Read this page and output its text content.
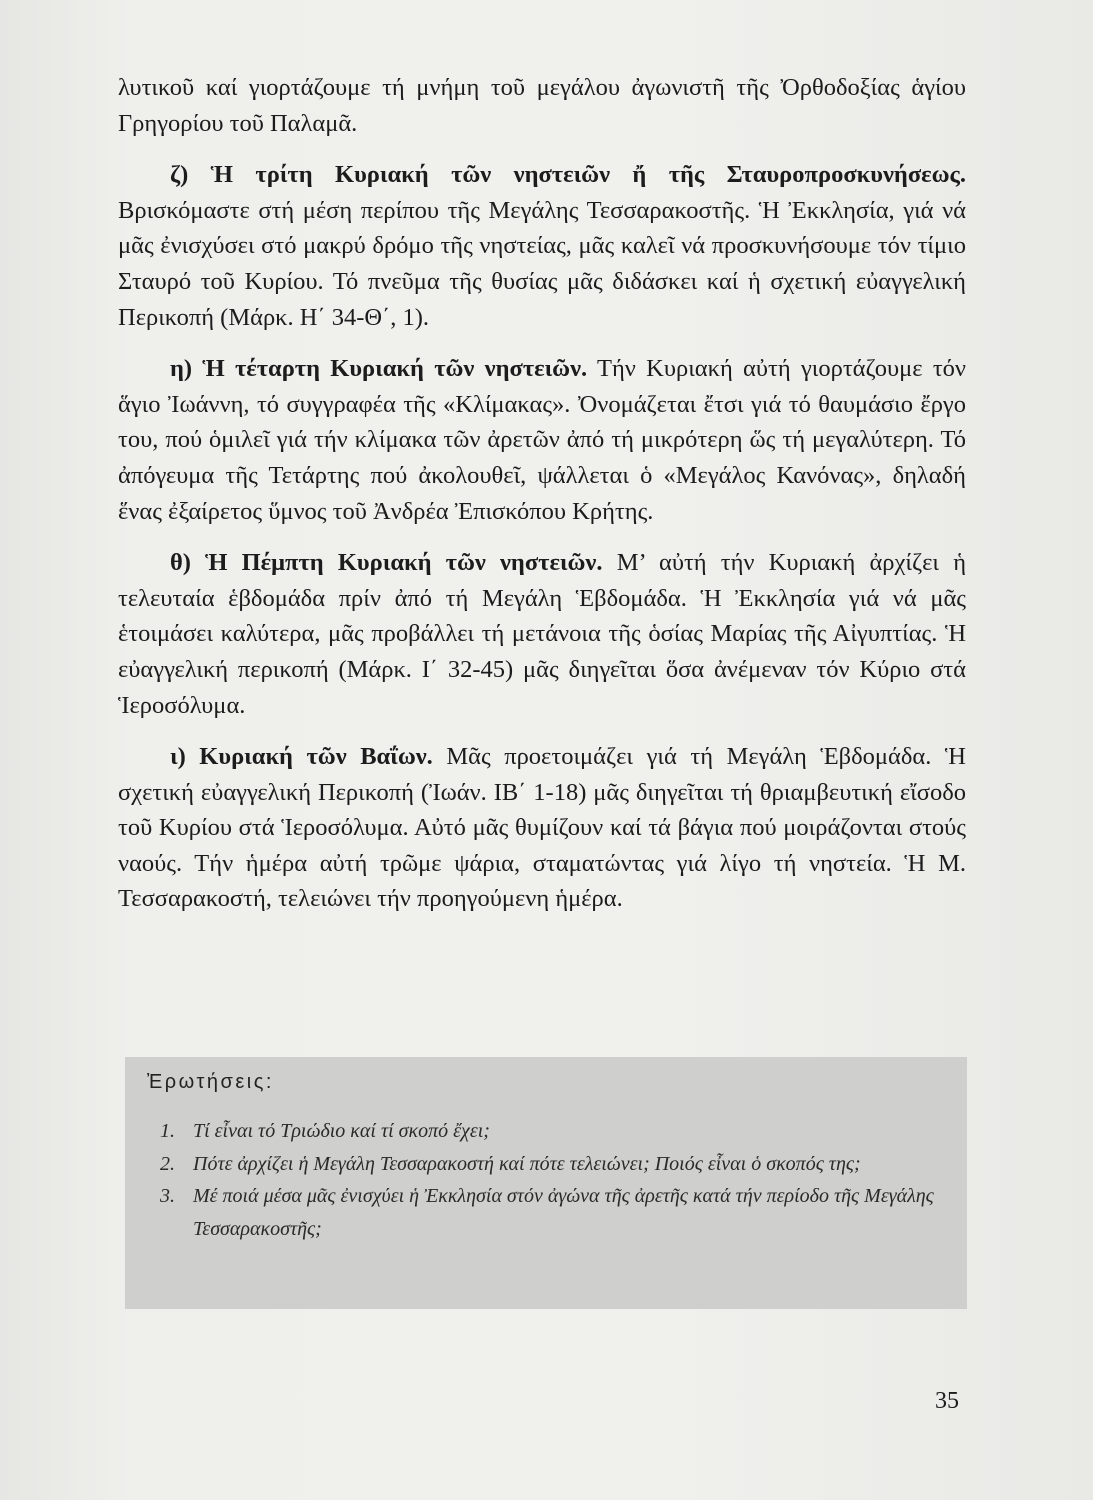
λυτικοῦ καί γιορτάζουμε τή μνήμη τοῦ μεγάλου ἀγωνιστῆ τῆς Ὀρθοδοξίας ἁγίου Γρηγορίου τοῦ Παλαμᾶ.

ζ) Ἡ τρίτη Κυριακή τῶν νηστειῶν ἤ τῆς Σταυροπροσκυνήσεως. Βρισκόμαστε στή μέση περίπου τῆς Μεγάλης Τεσσαρακοστῆς. Ἡ Ἐκκλησία, γιά νά μᾶς ἐνισχύσει στό μακρύ δρόμο τῆς νηστείας, μᾶς καλεῖ νά προσκυνήσουμε τόν τίμιο Σταυρό τοῦ Κυρίου. Τό πνεῦμα τῆς θυσίας μᾶς διδάσκει καί ἡ σχετική εὐαγγελική Περικοπή (Μάρκ. Η΄ 34-Θ΄, 1).

η) Ἡ τέταρτη Κυριακή τῶν νηστειῶν. Τήν Κυριακή αὐτή γιορτάζουμε τόν ἅγιο Ἰωάννη, τό συγγραφέα τῆς «Κλίμακας». Ὀνομάζεται ἔτσι γιά τό θαυμάσιο ἔργο του, πού ὁμιλεῖ γιά τήν κλίμακα τῶν ἀρετῶν ἀπό τή μικρότερη ὥς τή μεγαλύτερη. Τό ἀπόγευμα τῆς Τετάρτης πού ἀκολουθεῖ, ψάλλεται ὁ «Μεγάλος Κανόνας», δηλαδή ἕνας ἐξαίρετος ὕμνος τοῦ Ἀνδρέα Ἐπισκόπου Κρήτης.

θ) Ἡ Πέμπτη Κυριακή τῶν νηστειῶν. Μ’ αὐτή τήν Κυριακή ἀρχίζει ἡ τελευταία ἑβδομάδα πρίν ἀπό τή Μεγάλη Ἑβδομάδα. Ἡ Ἐκκλησία γιά νά μᾶς ἑτοιμάσει καλύτερα, μᾶς προβάλλει τή μετάνοια τῆς ὁσίας Μαρίας τῆς Αἰγυπτίας. Ἡ εὐαγγελική περικοπή (Μάρκ. Ι΄ 32-45) μᾶς διηγεῖται ὅσα ἀνέμεναν τόν Κύριο στά Ἱεροσόλυμα.

ι) Κυριακή τῶν Βαΐων. Μᾶς προετοιμάζει γιά τή Μεγάλη Ἑβδομάδα. Ἡ σχετική εὐαγγελική Περικοπή (Ἰωάν. ΙΒ΄ 1-18) μᾶς διηγεῖται τή θριαμβευτική εἴσοδο τοῦ Κυρίου στά Ἱεροσόλυμα. Αὐτό μᾶς θυμίζουν καί τά βάγια πού μοιράζονται στούς ναούς. Τήν ἡμέρα αὐτή τρῶμε ψάρια, σταματώντας γιά λίγο τή νηστεία. Ἡ Μ. Τεσσαρακοστή, τελειώνει τήν προηγούμενη ἡμέρα.

Ἐρωτήσεις:
1. Τί εἶναι τό Τριώδιο καί τί σκοπό ἔχει;
2. Πότε ἀρχίζει ἡ Μεγάλη Τεσσαρακοστή καί πότε τελειώνει; Ποιός εἶναι ὁ σκοπός της;
3. Μέ ποιά μέσα μᾶς ἐνισχύει ἡ Ἐκκλησία στόν ἀγώνα τῆς ἀρετῆς κατά τήν περίοδο τῆς Μεγάλης Τεσσαρακοστῆς;
35
